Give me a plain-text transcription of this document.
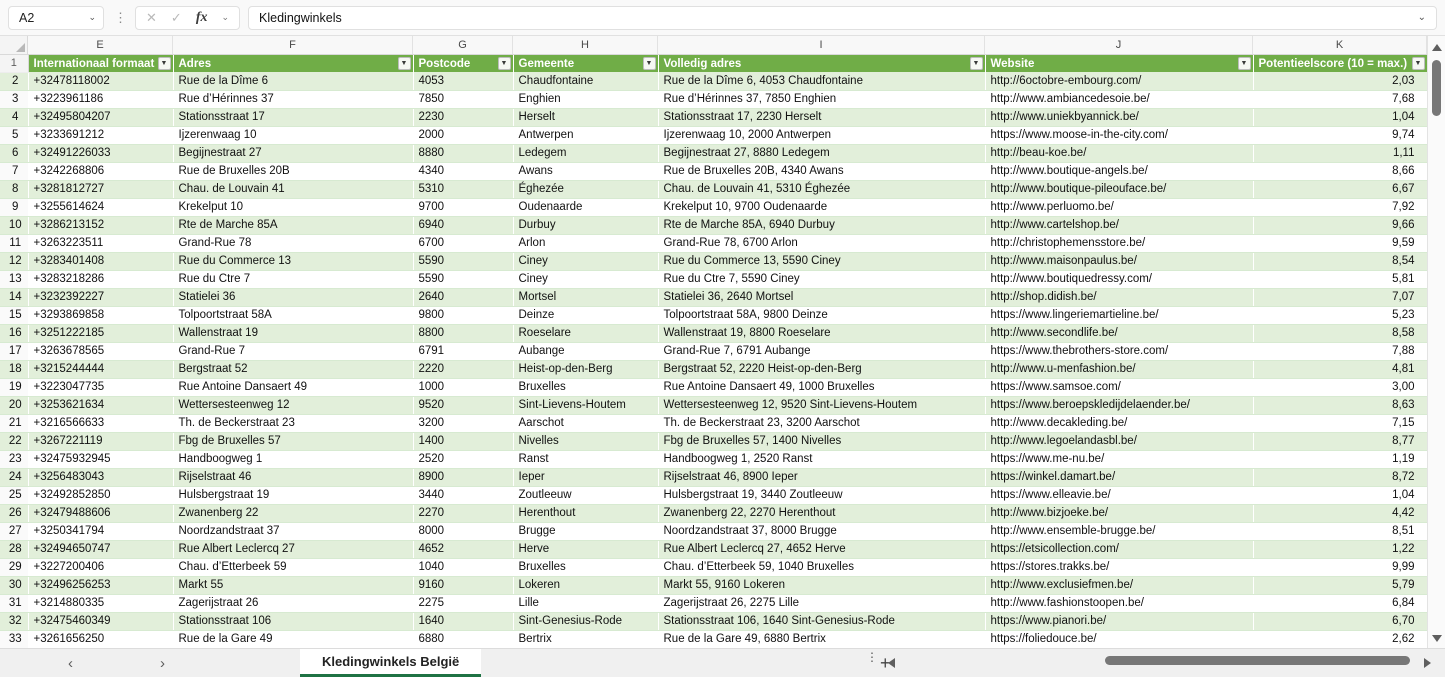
A2	⌄ ⋮ ✕ ✓ fx ⌄ Kledingwinkels	⌄
E	F	G	H	I	J	K
1	Internationaal formaat ▼	Adres ▼	Postcode ▼	Gemeente ▼	Volledig adres ▼	Website ▼	Potentieelscore (10 = max.) ▼

2	+32478118002	Rue de la Dîme 6	4053	Chaudfontaine	Rue de la Dîme 6, 4053 Chaudfontaine	http://6octobre-embourg.com/	2,03
3	+3223961186	Rue d’Hérinnes 37	7850	Enghien	Rue d’Hérinnes 37, 7850 Enghien	http://www.ambiancedesoie.be/	7,68
4	+32495804207	Stationsstraat 17	2230	Herselt	Stationsstraat 17, 2230 Herselt	http://www.uniekbyannick.be/	1,04
5	+3233691212	Ijzerenwaag 10	2000	Antwerpen	Ijzerenwaag 10, 2000 Antwerpen	https://www.moose-in-the-city.com/	9,74
6	+32491226033	Begijnestraat 27	8880	Ledegem	Begijnestraat 27, 8880 Ledegem	http://beau-koe.be/	1,11
7	+3242268806	Rue de Bruxelles 20B	4340	Awans	Rue de Bruxelles 20B, 4340 Awans	http://www.boutique-angels.be/	8,66
8	+3281812727	Chau. de Louvain 41	5310	Éghezée	Chau. de Louvain 41, 5310 Éghezée	http://www.boutique-pileouface.be/	6,67
9	+3255614624	Krekelput 10	9700	Oudenaarde	Krekelput 10, 9700 Oudenaarde	http://www.perluomo.be/	7,92
10	+3286213152	Rte de Marche 85A	6940	Durbuy	Rte de Marche 85A, 6940 Durbuy	http://www.cartelshop.be/	9,66
11	+3263223511	Grand-Rue 78	6700	Arlon	Grand-Rue 78, 6700 Arlon	http://christophemensstore.be/	9,59
12	+3283401408	Rue du Commerce 13	5590	Ciney	Rue du Commerce 13, 5590 Ciney	http://www.maisonpaulus.be/	8,54
13	+3283218286	Rue du Ctre 7	5590	Ciney	Rue du Ctre 7, 5590 Ciney	http://www.boutiquedressy.com/	5,81
14	+3232392227	Statielei 36	2640	Mortsel	Statielei 36, 2640 Mortsel	http://shop.didish.be/	7,07
15	+3293869858	Tolpoortstraat 58A	9800	Deinze	Tolpoortstraat 58A, 9800 Deinze	https://www.lingeriemartieline.be/	5,23
16	+3251222185	Wallenstraat 19	8800	Roeselare	Wallenstraat 19, 8800 Roeselare	http://www.secondlife.be/	8,58
17	+3263678565	Grand-Rue 7	6791	Aubange	Grand-Rue 7, 6791 Aubange	https://www.thebrothers-store.com/	7,88
18	+3215244444	Bergstraat 52	2220	Heist-op-den-Berg	Bergstraat 52, 2220 Heist-op-den-Berg	http://www.u-menfashion.be/	4,81
19	+3223047735	Rue Antoine Dansaert 49	1000	Bruxelles	Rue Antoine Dansaert 49, 1000 Bruxelles	https://www.samsoe.com/	3,00
20	+3253621634	Wettersesteenweg 12	9520	Sint-Lievens-Houtem	Wettersesteenweg 12, 9520 Sint-Lievens-Houtem	https://www.beroepskledijdelaender.be/	8,63
21	+3216566633	Th. de Beckerstraat 23	3200	Aarschot	Th. de Beckerstraat 23, 3200 Aarschot	http://www.decakleding.be/	7,15
22	+3267221119	Fbg de Bruxelles 57	1400	Nivelles	Fbg de Bruxelles 57, 1400 Nivelles	http://www.legoelandasbl.be/	8,77
23	+32475932945	Handboogweg 1	2520	Ranst	Handboogweg 1, 2520 Ranst	https://www.me-nu.be/	1,19
24	+3256483043	Rijselstraat 46	8900	Ieper	Rijselstraat 46, 8900 Ieper	https://winkel.damart.be/	8,72
25	+32492852850	Hulsbergstraat 19	3440	Zoutleeuw	Hulsbergstraat 19, 3440 Zoutleeuw	https://www.elleavie.be/	1,04
26	+32479488606	Zwanenberg 22	2270	Herenthout	Zwanenberg 22, 2270 Herenthout	http://www.bizjoeke.be/	4,42
27	+3250341794	Noordzandstraat 37	8000	Brugge	Noordzandstraat 37, 8000 Brugge	http://www.ensemble-brugge.be/	8,51
28	+32494650747	Rue Albert Leclercq 27	4652	Herve	Rue Albert Leclercq 27, 4652 Herve	https://etsicollection.com/	1,22
29	+3227200406	Chau. d’Etterbeek 59	1040	Bruxelles	Chau. d’Etterbeek 59, 1040 Bruxelles	https://stores.trakks.be/	9,99
30	+32496256253	Markt 55	9160	Lokeren	Markt 55, 9160 Lokeren	http://www.exclusiefmen.be/	5,79
31	+3214880335	Zagerijstraat 26	2275	Lille	Zagerijstraat 26, 2275 Lille	http://www.fashionstoopen.be/	6,84
32	+32475460349	Stationsstraat 106	1640	Sint-Genesius-Rode	Stationsstraat 106, 1640 Sint-Genesius-Rode	https://www.pianori.be/	6,70
33	+3261656250	Rue de la Gare 49	6880	Bertrix	Rue de la Gare 49, 6880 Bertrix	https://foliedouce.be/	2,62
‹	›	Kledingwinkels België	+
⋮
